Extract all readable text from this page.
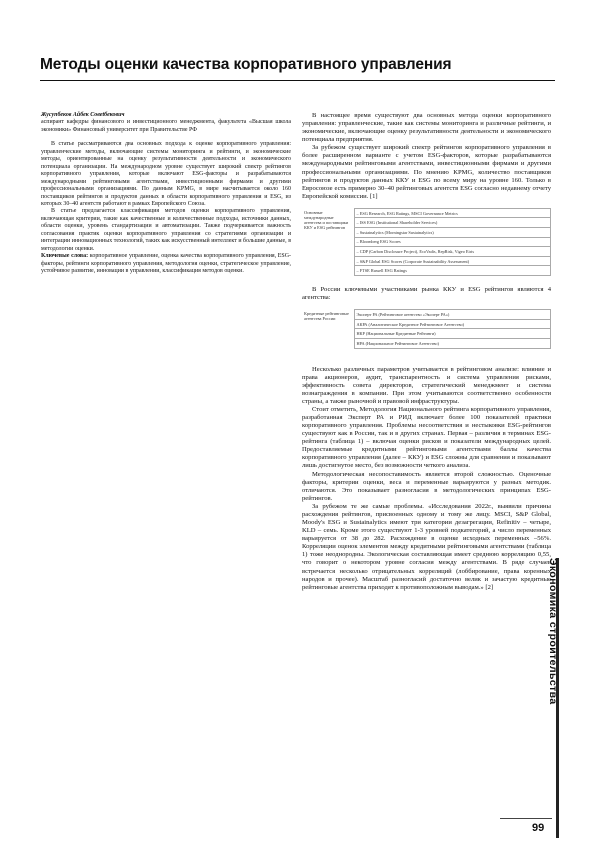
Методы оценки качества корпоративного управления
Жусупбеков Айбек Совеtбекович
аспирант кафедры финансового и инвестиционного менеджмента, факультета «Высшая школа экономики» Финансовый университет при Правительстве РФ

В статье рассматриваются два основных подхода к оценке корпоративного управления: управленческие методы, включающие системы мониторинга и рейтинги, и экономические методы, ориентированные на оценку результативности деятельности и экономического потенциала организации. На международном уровне существует широкий спектр рейтингов корпоративного управления, которые включают ESG-факторы и разрабатываются международными рейтинговыми агентствами, инвестиционными фирмами и другими профессиональными организациями. По данным KPMG, в мире насчитывается около 160 поставщиков рейтингов и продуктов данных в области корпоративного управления и ESG, из которых 30–40 агентств работают в рамках Европейского Союза.

В статье предлагается классификация методов оценки корпоративного управления, включающая критерии, такие как качественные и количественные подходы, источники данных, области оценки, уровень стандартизации и автоматизации. Также подчеркивается важность согласования практик оценки корпоративного управления со стратегиями организации и интеграции инновационных технологий, таких как искусственный интеллект и большие данные, в методологии оценки.

Ключевые слова: корпоративное управление, оценка качества корпоративного управления, ESG-факторы, рейтинги корпоративного управления, методология оценки, стратегическое управление, устойчивое развитие, инновации в управлении, классификация методов оценки.

В настоящее время существуют два основных метода оценки корпоративного управления: управленческие, такие как системы мониторинга и различные рейтинги, и экономические, включающие оценку результативности деятельности и экономического потенциала предприятия.

За рубежом существует широкий спектр рейтингов корпоративного управления в более расширенном варианте с учетом ESG-факторов, которые разрабатываются международными рейтинговыми агентствами, инвестиционными фирмами и другими профессиональными организациями. По мнению KPMG, количество поставщиков рейтингов и продуктов данных ККУ и ESG по всему миру на уровне 160. Только в Евросоюзе есть примерно 30–40 рейтинговых агентств ESG согласно недавнему отчету Европейской комиссии. [1]

Основные международные агентства и поставщики ККУ и ESG рейтингов	– ESG Research, ESG Ratings, MSCI Governance Metrics
– ISS ESG (Institutional Shareholder Services)
– Sustainalytics (Morningstar Sustainalytics)
– Bloomberg ESG Scores
– CDP (Carbon Disclosure Project), EcoVadis, RepRisk, Vigeo Eiris
– S&P Global ESG Scores (Corporate Sustainability Assessment)
– FTSE Russell ESG Ratings

В России ключевыми участниками рынка ККУ и ESG рейтингов являются 4 агентства:

Кредитные рейтинговые агентства России	Эксперт РА (Рейтинговое агентство «Эксперт РА»)
АКРА (Аналитическое Кредитное Рейтинговое Агентство)
НКР (Национальные Кредитные Рейтинги)
НРА (Национальное Рейтинговое Агентство)

Несколько различных параметров учитывается в рейтинговом анализе: влияние и права акционеров, аудит, транспарентность и система управления рисками, эффективность совета директоров, стратегический менеджмент и система вознаграждения в компании. При этом учитываются соответственно особенности страны, а также рыночной и правовой инфраструктуры.

Стоит отметить, Методология Национального рейтинга корпоративного управления, разработанная Эксперт РА и РИД включает более 100 показателей практики корпоративного управления. Проблемы несоответствия и нестыковки ESG-рейтингов существуют как в России, так и в других странах. Первая – различия в терминах ESG-рейтинга (таблица 1) – включая оценки рисков и показатели международных целей. Предоставляемые кредитными рейтинговыми агентствами баллы качества корпоративного управления (далее – ККУ) и ESG сложны для сравнения и показывают лишь достигнутое место, без возможности четкого анализа.

Методологическая несопоставимость является второй сложностью. Оценочные факторы, критерии оценки, веса и переменные варьируются у разных методик. отличаются. Это показывает разногласия в методологических принципах ESG-рейтингов.

За рубежом те же самые проблемы. «Исследования 2022г., выявили причины расхождения рейтингов, присвоенных одному и тому же лицу. MSCI, S&P Global, Moody's ESG и Sustainalytics имеют три категории дезагрегации, Refinitiv – четыре, KLD – семь. Кроме этого существуют 1-3 уровней подкатегорий, а число переменных варьируется от 38 до 282. Расхождение в оценке исходных переменных –56%. Корреляции оценок элементов между кредитными рейтинговыми агентствами (таблица 1) тоже неоднородны. Экологическая составляющая имеет среднюю корреляцию 0,55, что говорит о некотором уровне согласия между агентствами. В ряде случаев встречается несколько отрицательных корреляций (лоббирование, права коренных народов и прочее). Масштаб разногласий достаточно велик и зачастую кредитные рейтинговые агентства приходят к противоположным выводам.» [2]	Экономика строительства
99
